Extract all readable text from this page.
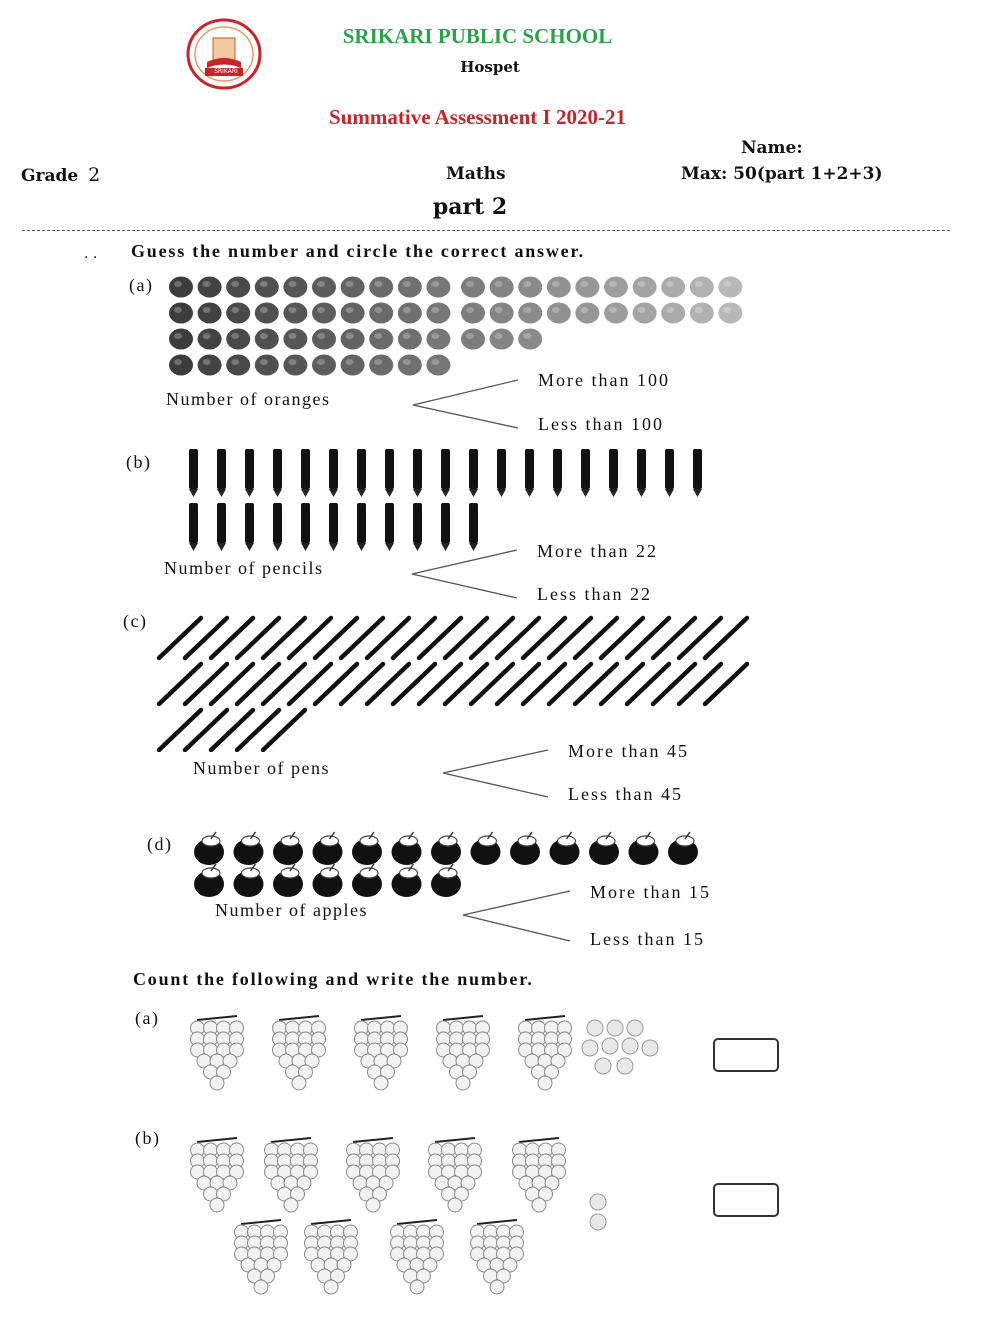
SRIKARI
SRIKARI PUBLIC SCHOOL
Hospet
Summative Assessment I 2020-21
Name:
Grade 2	Maths	Max: 50(part 1+2+3)
part 2
. . Guess the number and circle the correct answer.
(a)
Number of oranges
More than 100
Less than 100
(b)
Number of pencils
More than 22
Less than 22
(c)
Number of pens
More than 45
Less than 45
(d)
Number of apples
More than 15
Less than 15
Count the following and write the number.
(a)
(b)
